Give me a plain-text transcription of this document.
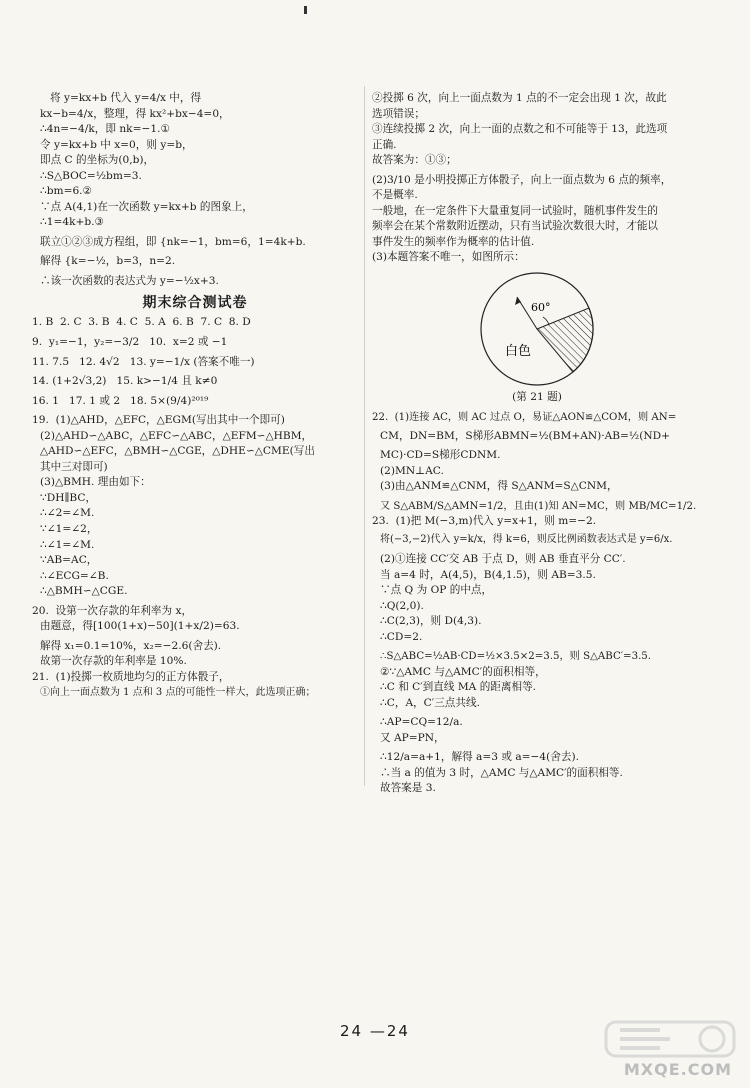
将 y=kx+b 代入 y=4/x 中，得
kx−b=4/x，整理，得 kx²+bx−4=0，
∴4n=−4/k，即 nk=−1.①
令 y=kx+b 中 x=0，则 y=b，
即点 C 的坐标为(0,b)，
∴S△BOC=½bm=3.
∴bm=6.②
∵点 A(4,1)在一次函数 y=kx+b 的图象上，
∴1=4k+b.③
联立①②③成方程组，即 {nk=−1，bm=6，1=4k+b.
解得 {k=−½，b=3，n=2.
∴该一次函数的表达式为 y=−½x+3.
期末综合测试卷
1. B  2. C  3. B  4. C  5. A  6. B  7. C  8. D
9.  y₁=−1，y₂=−3/2   10.  x=2 或 −1
11. 7.5   12. 4√2   13. y=−1/x (答案不唯一)
14. (1+2√3,2)   15. k>−1/4 且 k≠0
16. 1   17. 1 或 2   18. 5×(9/4)²⁰¹⁹
19.  (1)△AHD，△EFC，△EGM(写出其中一个即可)
(2)△AHD∽△ABC，△EFC∽△ABC，△EFM∽△HBM，
△AHD∽△EFC，△BMH∽△CGE，△DHE∽△CME(写出
其中三对即可)
(3)△BMH. 理由如下：
∵DH∥BC，
∴∠2=∠M.
∵∠1=∠2，
∴∠1=∠M.
∵AB=AC，
∴∠ECG=∠B.
∴△BMH∽△CGE.
20.  设第一次存款的年利率为 x，
由题意，得[100(1+x)−50](1+x/2)=63.
解得 x₁=0.1=10%，x₂=−2.6(舍去).
故第一次存款的年利率是 10%.
21.  (1)投掷一枚质地均匀的正方体骰子，
①向上一面点数为 1 点和 3 点的可能性一样大，此选项正确；
②投掷 6 次，向上一面点数为 1 点的不一定会出现 1 次，故此
选项错误；
③连续投掷 2 次，向上一面的点数之和不可能等于 13，此选项
正确.
故答案为：①③；
(2)3/10 是小明投掷正方体骰子，向上一面点数为 6 点的频率，
不是概率.
一般地，在一定条件下大量重复同一试验时，随机事件发生的
频率会在某个常数附近摆动，只有当试验次数很大时，才能以
事件发生的频率作为概率的估计值.
(3)本题答案不唯一，如图所示：
60°
白色
(第 21 题)
22.  (1)连接 AC，则 AC 过点 O，易证△AON≌△COM，则 AN=
CM，DN=BM，S梯形ABMN=½(BM+AN)·AB=½(ND+
MC)·CD=S梯形CDNM.
(2)MN⊥AC.
(3)由△ANM≌△CNM，得 S△ANM=S△CNM，
又 S△ABM/S△AMN=1/2，且由(1)知 AN=MC，则 MB/MC=1/2.
23.  (1)把 M(−3,m)代入 y=x+1，则 m=−2.
将(−3,−2)代入 y=k/x，得 k=6，则反比例函数表达式是 y=6/x.
(2)①连接 CC′交 AB 于点 D，则 AB 垂直平分 CC′.
当 a=4 时，A(4,5)，B(4,1.5)，则 AB=3.5.
∵点 Q 为 OP 的中点，
∴Q(2,0).
∴C(2,3)，则 D(4,3).
∴CD=2.
∴S△ABC=½AB·CD=½×3.5×2=3.5，则 S△ABC′=3.5.
②∵△AMC 与△AMC′的面积相等，
∴C 和 C′到直线 MA 的距离相等.
∴C，A，C′三点共线.
∴AP=CQ=12/a.
又 AP=PN，
∴12/a=a+1，解得 a=3 或 a=−4(舍去).
∴当 a 的值为 3 时，△AMC 与△AMC′的面积相等.
故答案是 3.
24 —24
MXQE.COM
